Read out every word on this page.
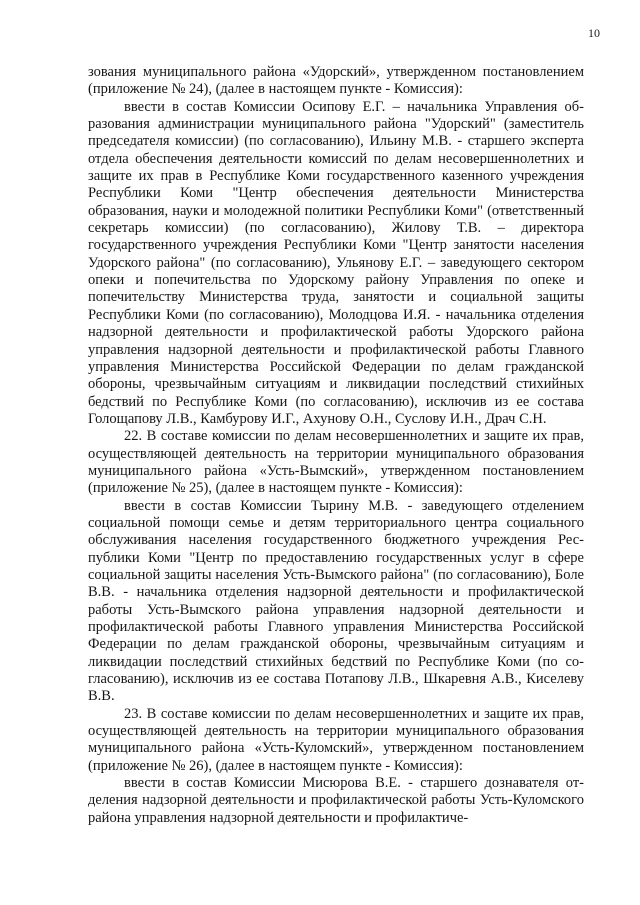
10

зования муниципального района «Удорский», утвержденном постановлением (приложение № 24), (далее в настоящем пункте - Комиссия):

ввести в состав Комиссии Осипову Е.Г. – начальника Управления образования администрации муниципального района "Удорский" (заместитель председателя комиссии) (по согласованию), Ильину М.В. - старшего эксперта отдела обеспечения деятельности комиссий по делам несовершеннолетних и защите их прав в Республике Коми государственного казенного учреждения Республики Коми "Центр обеспечения деятельности Министерства образования, науки и молодежной политики Республики Коми" (ответственный секретарь комиссии) (по согласованию), Жилову Т.В. – директора государственного учреждения Республики Коми "Центр занятости населения Удорского района" (по согласованию), Ульянову Е.Г. – заведующего сектором опеки и попечительства по Удорскому району Управления по опеке и попечительству Министерства труда, занятости и социальной защиты Республики Коми (по согласованию), Молодцова И.Я. - начальника отделения надзорной деятельности и профилактической работы Удорского района управления надзорной деятельности и профилактической работы Главного управления Министерства Российской Федерации по делам гражданской обороны, чрезвычайным ситуациям и ликвидации последствий стихийных бедствий по Республике Коми (по согласованию), исключив из ее состава Голощапову Л.В., Камбурову И.Г., Ахунову О.Н., Суслову И.Н., Драч С.Н.

22. В составе комиссии по делам несовершеннолетних и защите их прав, осуществляющей деятельность на территории муниципального образования муниципального района «Усть-Вымский», утвержденном постановлением (приложение № 25), (далее в настоящем пункте - Комиссия):

ввести в состав Комиссии Тырину М.В. - заведующего отделением социальной помощи семье и детям территориального центра социального обслуживания населения государственного бюджетного учреждения Республики Коми "Центр по предоставлению государственных услуг в сфере социальной защиты населения Усть-Вымского района" (по согласованию), Боле В.В. - начальника отделения надзорной деятельности и профилактической работы Усть-Вымского района управления надзорной деятельности и профилактической работы Главного управления Министерства Российской Федерации по делам гражданской обороны, чрезвычайным ситуациям и ликвидации последствий стихийных бедствий по Республике Коми (по согласованию), исключив из ее состава Потапову Л.В., Шкаревня А.В., Киселеву В.В.

23. В составе комиссии по делам несовершеннолетних и защите их прав, осуществляющей деятельность на территории муниципального образования муниципального района «Усть-Куломский», утвержденном постановлением (приложение № 26), (далее в настоящем пункте - Комиссия):

ввести в состав Комиссии Мисюрова В.Е. - старшего дознавателя отделения надзорной деятельности и профилактической работы Усть-Куломского района управления надзорной деятельности и профилактиче-
